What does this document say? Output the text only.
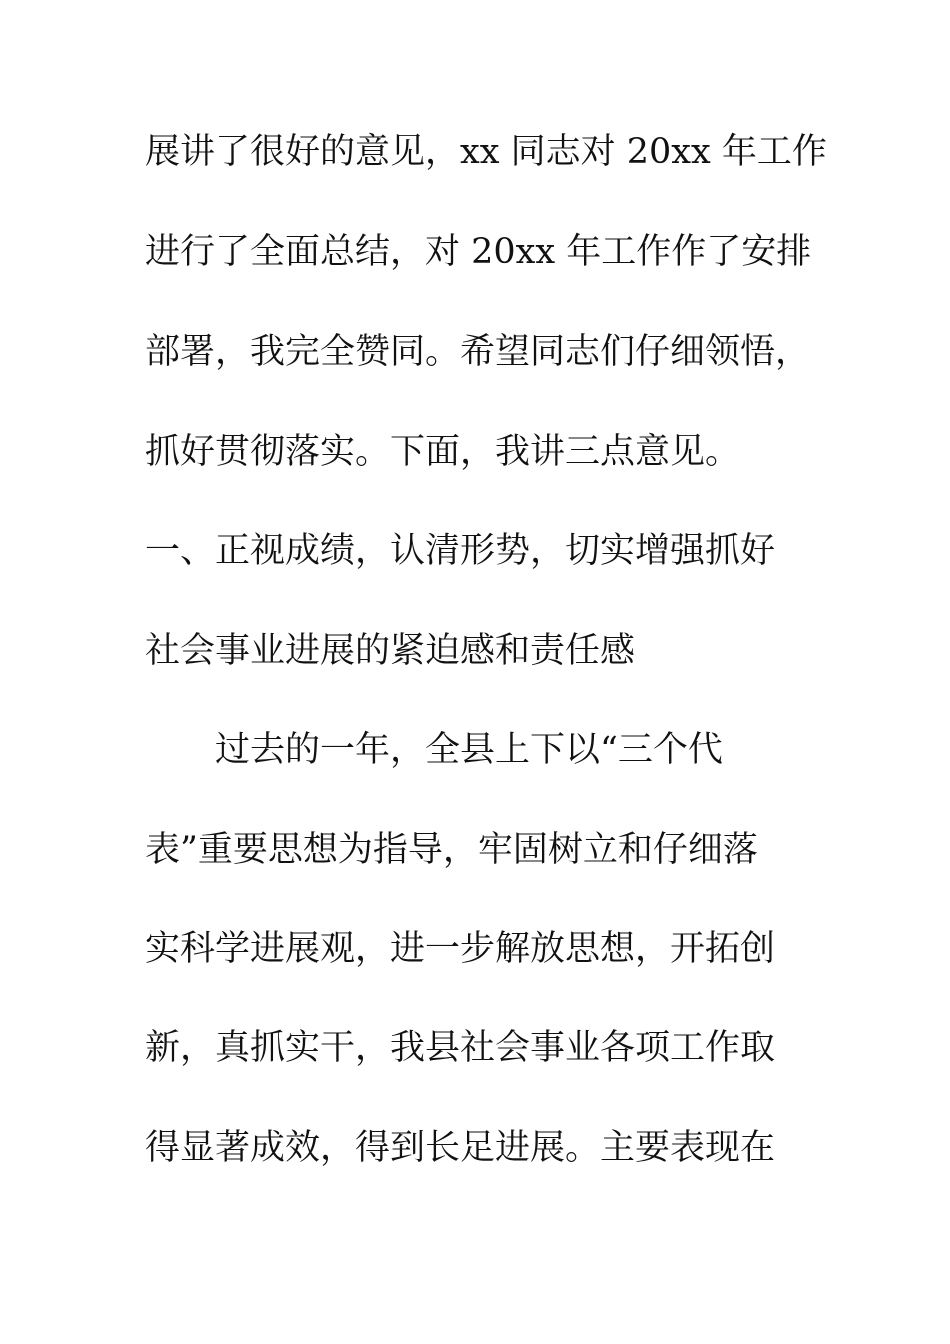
展讲了很好的意见，xx 同志对 20xx 年工作
进行了全面总结，对 20xx 年工作作了安排
部署，我完全赞同。希望同志们仔细领悟，
抓好贯彻落实。下面，我讲三点意见。
一、正视成绩，认清形势，切实增强抓好
社会事业进展的紧迫感和责任感
过去的一年，全县上下以“三个代
表”重要思想为指导，牢固树立和仔细落
实科学进展观，进一步解放思想，开拓创
新，真抓实干，我县社会事业各项工作取
得显著成效，得到长足进展。主要表现在
